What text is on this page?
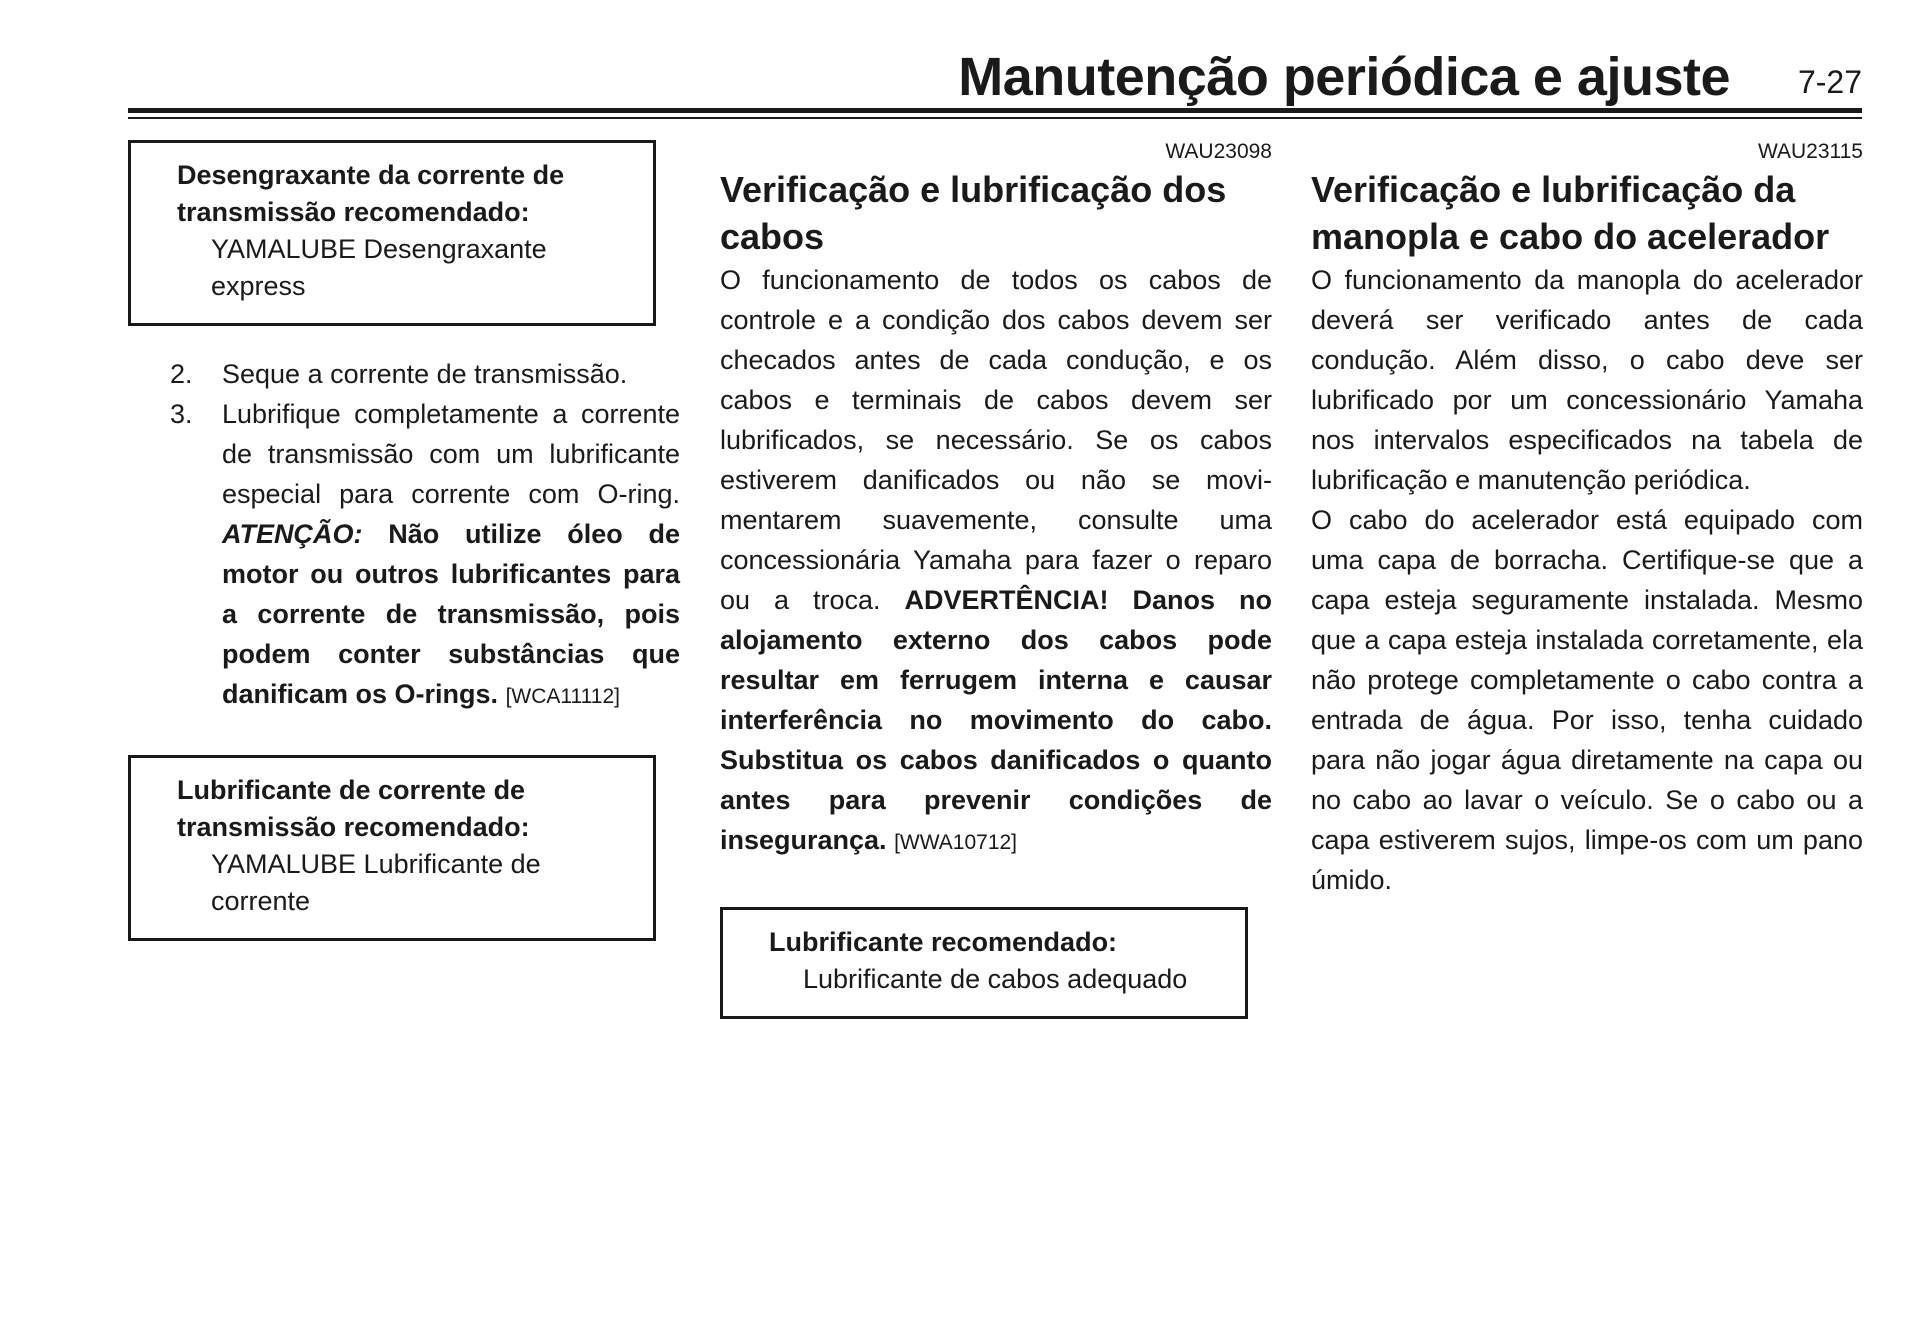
Manutenção periódica e ajuste 7-27
Desengraxante da corrente de transmissão recomendado:
YAMALUBE Desengraxante express
2. Seque a corrente de transmissão.
3. Lubrifique completamente a corrente de transmissão com um lubrificante especial para corrente com O-ring. ATENÇÃO: Não utilize óleo de motor ou outros lubrificantes para a corrente de transmissão, pois podem conter substâncias que danificam os O-rings. [WCA11112]
Lubrificante de corrente de transmissão recomendado:
YAMALUBE Lubrificante de corrente
WAU23098
Verificação e lubrificação dos cabos

O funcionamento de todos os cabos de controle e a condição dos cabos devem ser checados antes de cada condução, e os cabos e terminais de cabos devem ser lubrificados, se necessário. Se os cabos estiverem danificados ou não se movimentarem suavemente, consulte uma concessionária Yamaha para fazer o reparo ou a troca. ADVERTÊNCIA! Danos no alojamento externo dos cabos pode resultar em ferrugem interna e causar interferência no movimento do cabo. Substitua os cabos danificados o quanto antes para prevenir condições de insegurança. [WWA10712]

Lubrificante recomendado:
Lubrificante de cabos adequado
WAU23115
Verificação e lubrificação da manopla e cabo do acelerador

O funcionamento da manopla do acelerador deverá ser verificado antes de cada condução. Além disso, o cabo deve ser lubrificado por um concessionário Yamaha nos intervalos especificados na tabela de lubrificação e manutenção periódica.

O cabo do acelerador está equipado com uma capa de borracha. Certifique-se que a capa esteja seguramente instalada. Mesmo que a capa esteja instalada corretamente, ela não protege completamente o cabo contra a entrada de água. Por isso, tenha cuidado para não jogar água diretamente na capa ou no cabo ao lavar o veículo. Se o cabo ou a capa estiverem sujos, limpe-os com um pano úmido.
